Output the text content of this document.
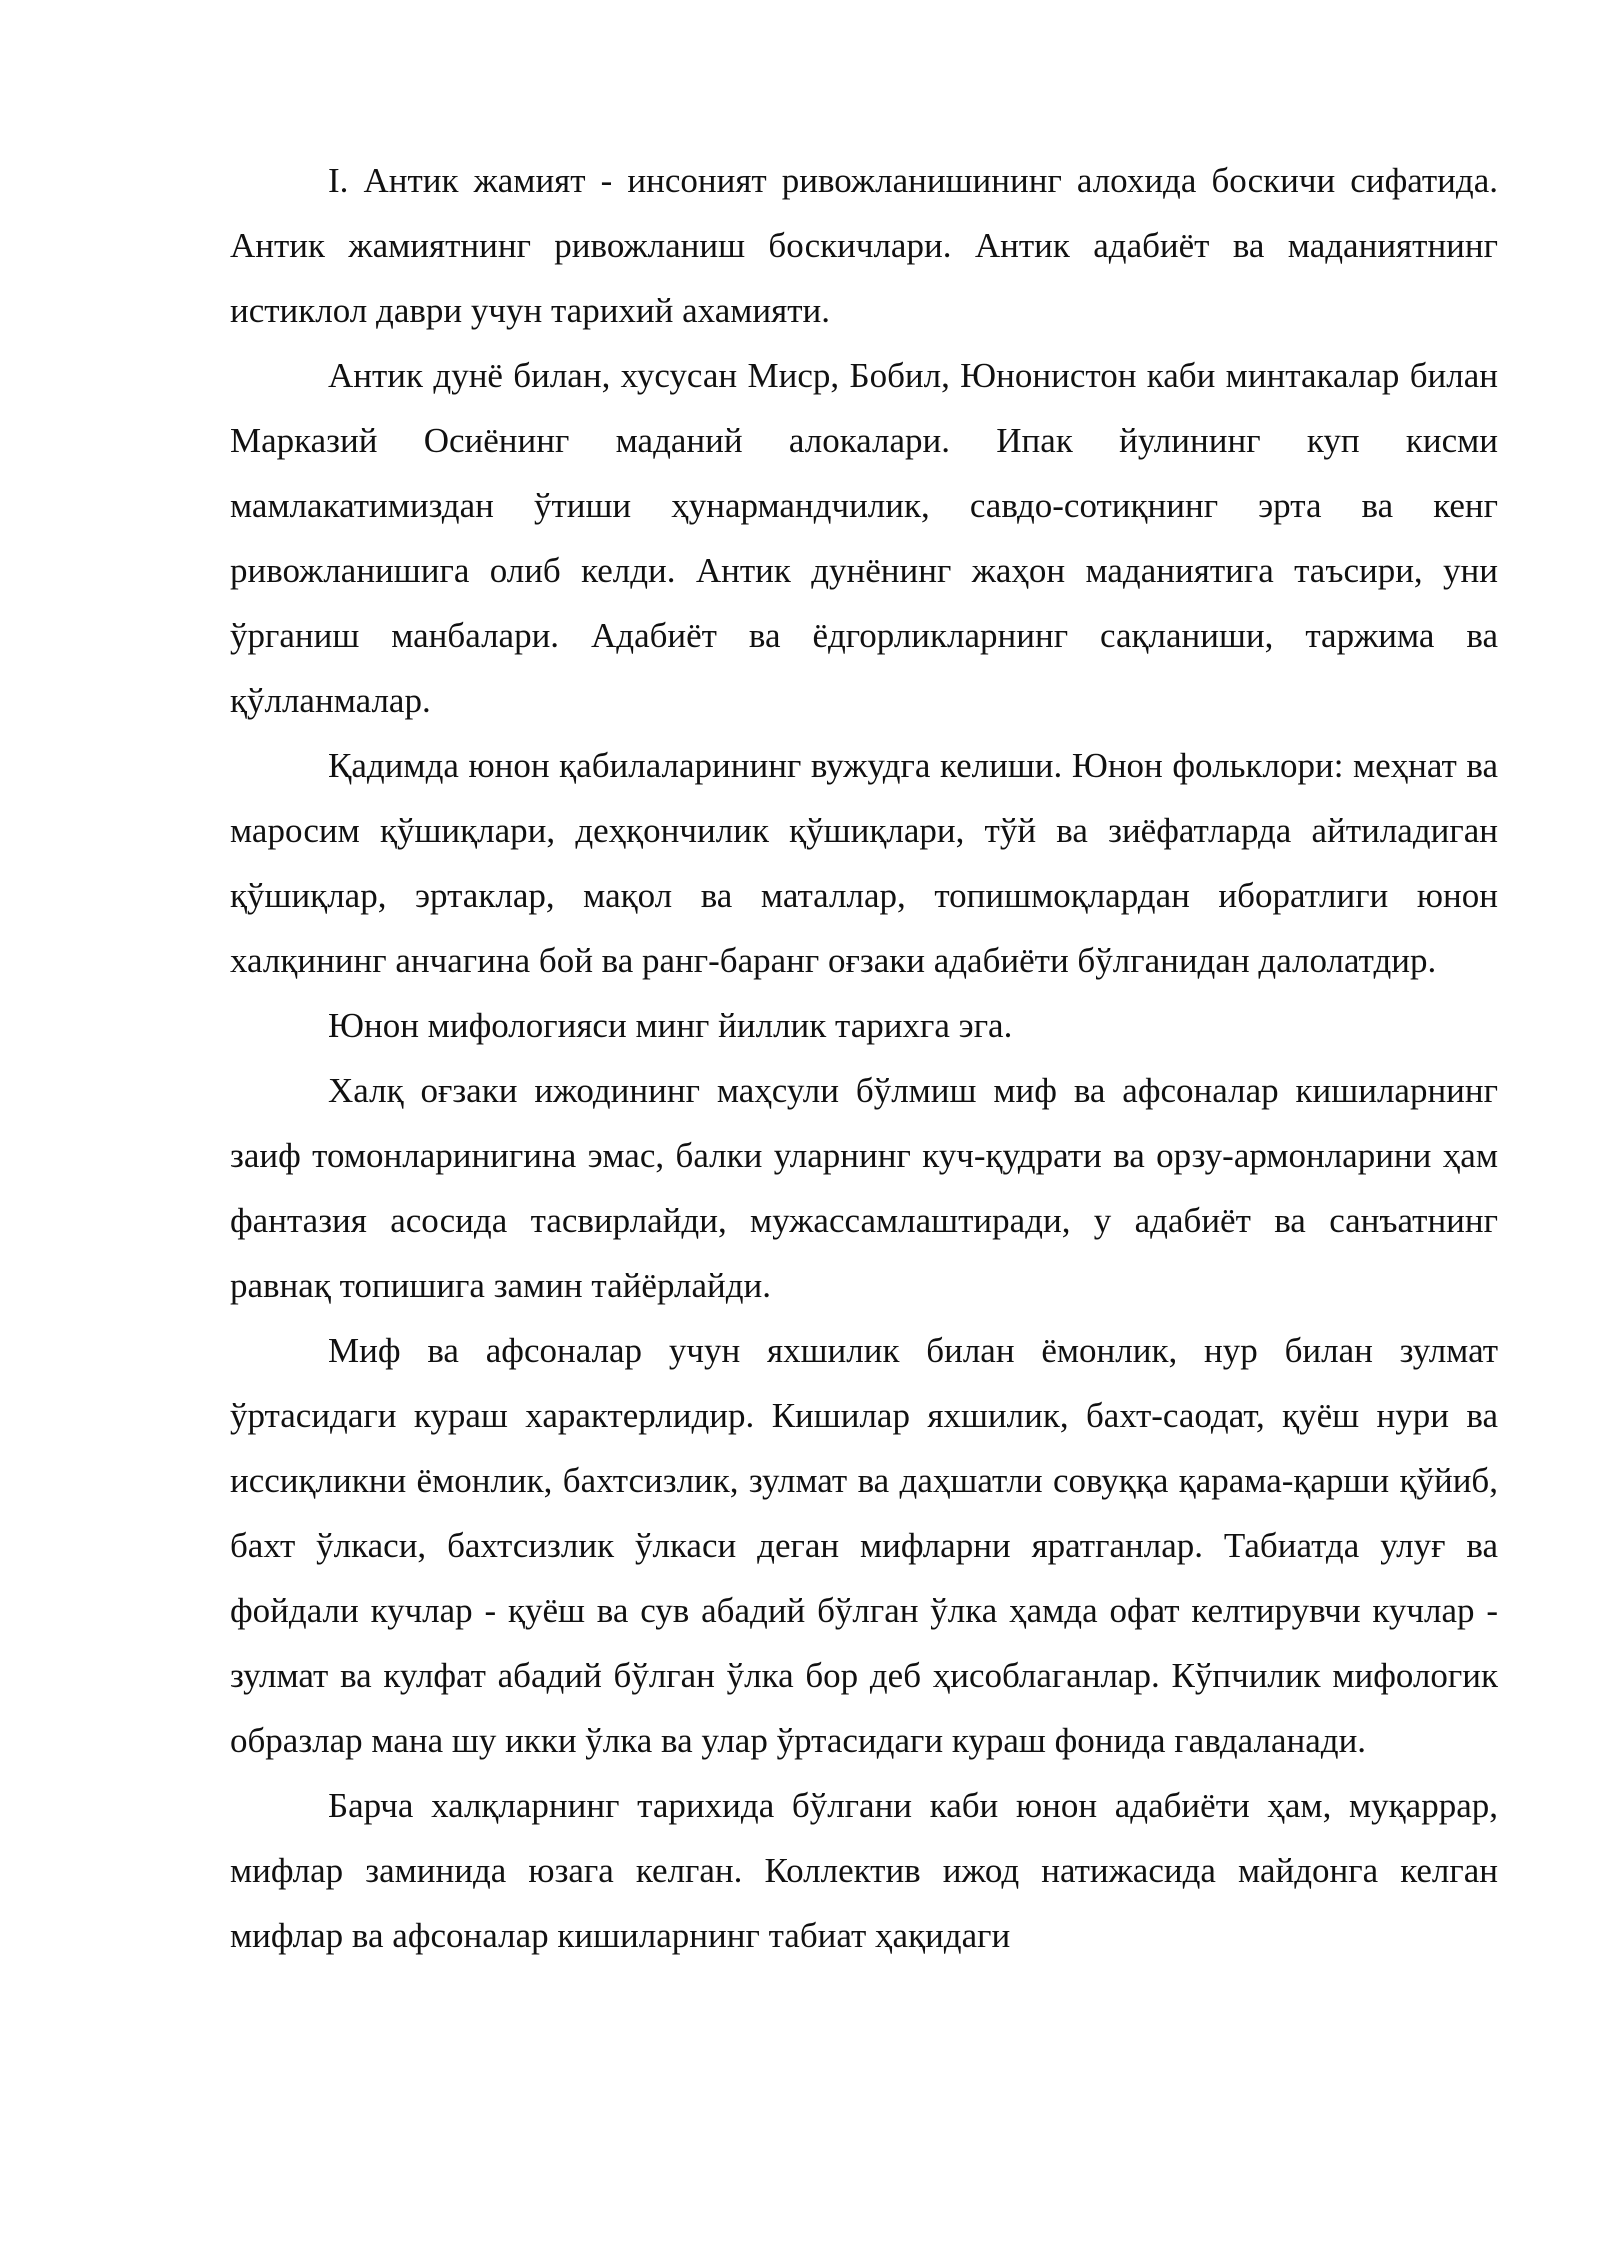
I. Антик жамият - инсоният ривожланишининг алохида боскичи сифатида. Антик жамиятнинг ривожланиш боскичлари. Антик адабиёт ва маданиятнинг истиклол даври учун тарихий ахамияти.

Антик дунё билан, хусусан Миср, Бобил, Юнонистон каби минтакалар билан Марказий Осиёнинг маданий алокалари. Ипак йулининг куп кисми мамлакатимиздан ўтиши ҳунармандчилик, савдо-сотиқнинг эрта ва кенг ривожланишига олиб келди. Антик дунёнинг жаҳон маданиятига таъсири, уни ўрганиш манбалари. Адабиёт ва ёдгорликларнинг сақланиши, таржима ва қўлланмалар.

Қадимда юнон қабилаларининг вужудга келиши. Юнон фольклори: меҳнат ва маросим қўшиқлари, деҳқончилик қўшиқлари, тўй ва зиёфатларда айтиладиган қўшиқлар, эртаклар, мақол ва маталлар, топишмоқлардан иборатлиги юнон халқининг анчагина бой ва ранг-баранг оғзаки адабиёти бўлганидан далолатдир.

Юнон мифологияси минг йиллик тарихга эга.

Халқ оғзаки ижодининг маҳсули бўлмиш миф ва афсоналар кишиларнинг заиф томонларинигина эмас, балки уларнинг куч-қудрати ва орзу-армонларини ҳам фантазия асосида тасвирлайди, мужассамлаштиради, у адабиёт ва санъатнинг равнақ топишига замин тайёрлайди.

Миф ва афсоналар учун яхшилик билан ёмонлик, нур билан зулмат ўртасидаги кураш характерлидир. Кишилар яхшилик, бахт-саодат, қуёш нури ва иссиқликни ёмонлик, бахтсизлик, зулмат ва даҳшатли совуққа қарама-қарши қўйиб, бахт ўлкаси, бахтсизлик ўлкаси деган мифларни яратганлар. Табиатда улуғ ва фойдали кучлар - қуёш ва сув абадий бўлган ўлка ҳамда офат келтирувчи кучлар - зулмат ва кулфат абадий бўлган ўлка бор деб ҳисоблаганлар. Кўпчилик мифологик образлар мана шу икки ўлка ва улар ўртасидаги кураш фонида гавдаланади.

Барча халқларнинг тарихида бўлгани каби юнон адабиёти ҳам, муқаррар, мифлар заминида юзага келган. Коллектив ижод натижасида майдонга келган мифлар ва афсоналар кишиларнинг табиат ҳақидаги
